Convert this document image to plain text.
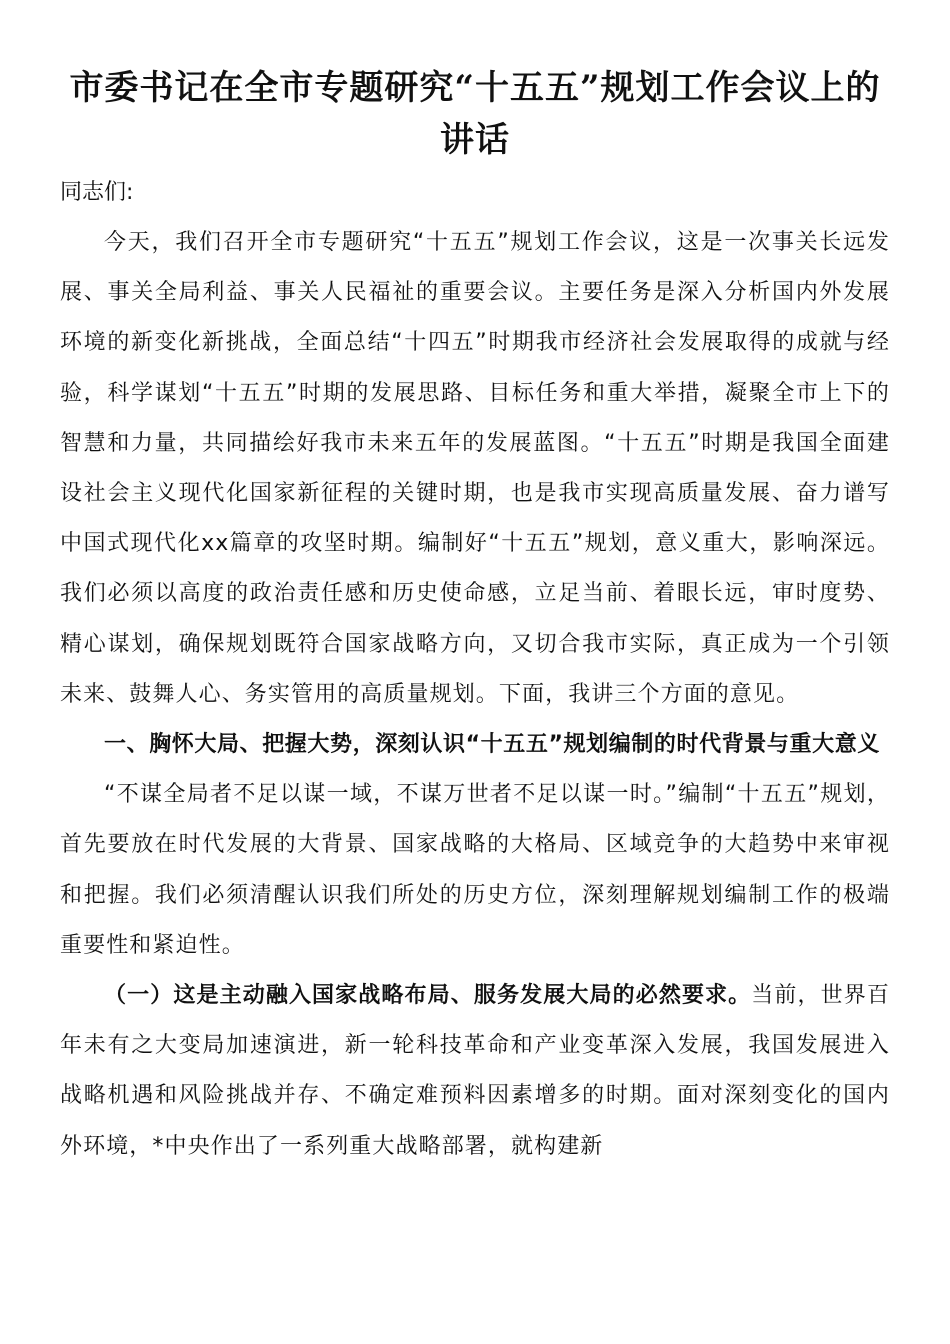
市委书记在全市专题研究“十五五”规划工作会议上的讲话

同志们:

今天，我们召开全市专题研究“十五五”规划工作会议，这是一次事关长远发展、事关全局利益、事关人民福祉的重要会议。主要任务是深入分析国内外发展环境的新变化新挑战，全面总结“十四五”时期我市经济社会发展取得的成就与经验，科学谋划“十五五”时期的发展思路、目标任务和重大举措，凝聚全市上下的智慧和力量，共同描绘好我市未来五年的发展蓝图。“十五五”时期是我国全面建设社会主义现代化国家新征程的关键时期，也是我市实现高质量发展、奋力谱写中国式现代化xx篇章的攻坚时期。编制好“十五五”规划，意义重大，影响深远。我们必须以高度的政治责任感和历史使命感，立足当前、着眼长远，审时度势、精心谋划，确保规划既符合国家战略方向，又切合我市实际，真正成为一个引领未来、鼓舞人心、务实管用的高质量规划。下面，我讲三个方面的意见。

一、胸怀大局、把握大势，深刻认识“十五五”规划编制的时代背景与重大意义

“不谋全局者不足以谋一域，不谋万世者不足以谋一时。”编制“十五五”规划，首先要放在时代发展的大背景、国家战略的大格局、区域竞争的大趋势中来审视和把握。我们必须清醒认识我们所处的历史方位，深刻理解规划编制工作的极端重要性和紧迫性。

（一）这是主动融入国家战略布局、服务发展大局的必然要求。当前，世界百年未有之大变局加速演进，新一轮科技革命和产业变革深入发展，我国发展进入战略机遇和风险挑战并存、不确定难预料因素增多的时期。面对深刻变化的国内外环境，*中央作出了一系列重大战略部署，就构建新
